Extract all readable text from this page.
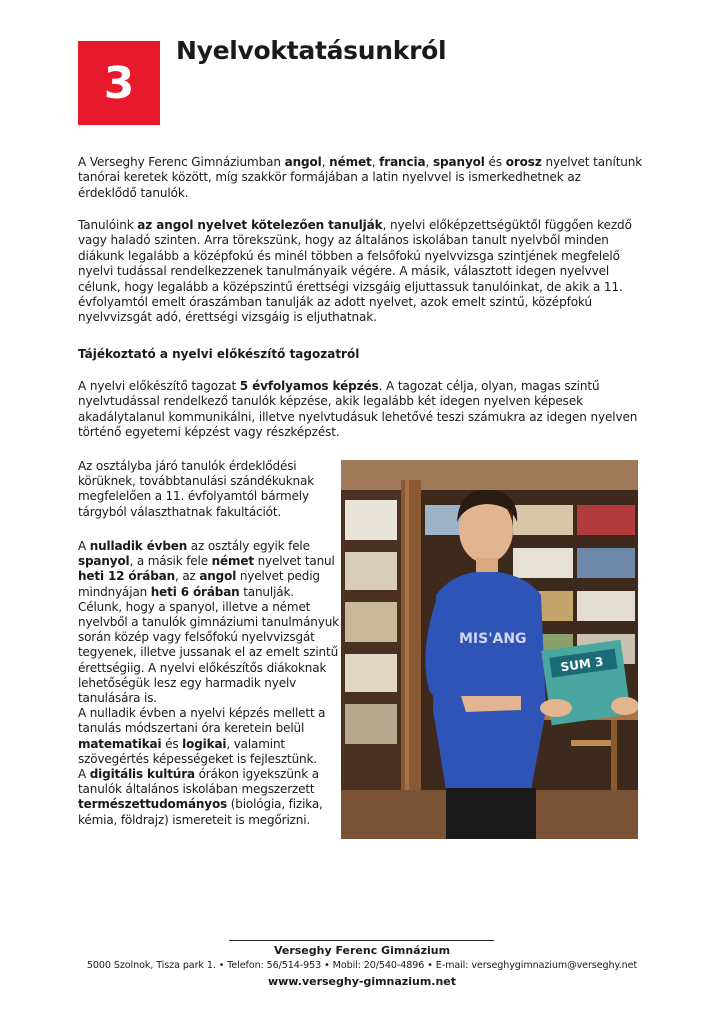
3
Nyelvoktatásunkról

A Verseghy Ferenc Gimnáziumban angol, német, francia, spanyol és orosz nyelvet tanítunk tanórai keretek között, míg szakkör formájában a latin nyelvvel is ismerkedhetnek az érdeklődő tanulók.

Tanulóink az angol nyelvet kötelezően tanulják, nyelvi előképzettségüktől függően kezdő vagy haladó szinten. Arra törekszünk, hogy az általános iskolában tanult nyelvből minden diákunk legalább a középfokú és minél többen a felsőfokú nyelvvizsga szintjének megfelelő nyelvi tudással rendelkezzenek tanulmányaik végére. A másik, választott idegen nyelvvel célunk, hogy legalább a középszintű érettségi vizsgáig eljuttassuk tanulóinkat, de akik a 11. évfolyamtól emelt óraszámban tanulják az adott nyelvet, azok emelt szintű, középfokú nyelvvizsgát adó, érettségi vizsgáig is eljuthatnak.

Tájékoztató a nyelvi előkészítő tagozatról

A nyelvi előkészítő tagozat 5 évfolyamos képzés. A tagozat célja, olyan, magas szintű nyelvtudással rendelkező tanulók képzése, akik legalább két idegen nyelven képesek akadálytalanul kommunikálni, illetve nyelvtudásuk lehetővé teszi számukra az idegen nyelven történő egyetemi képzést vagy részképzést.

Az osztályba járó tanulók érdeklődési körüknek, továbbtanulási szándékuknak megfelelően a 11. évfolyamtól bármely tárgyból választhatnak fakultációt.

A nulladik évben az osztály egyik fele spanyol, a másik fele német nyelvet tanul heti 12 órában, az angol nyelvet pedig mindnyájan heti 6 órában tanulják. Célunk, hogy a spanyol, illetve a német nyelvből a tanulók gimnáziumi tanulmányuk során közép vagy felsőfokú nyelvvizsgát tegyenek, illetve jussanak el az emelt szintű érettségiig. A nyelvi előkészítős diákoknak lehetőségük lesz egy harmadik nyelv tanulására is.
A nulladik évben a nyelvi képzés mellett a tanulás módszertani óra keretein belül matematikai és logikai, valamint szövegértés képességeket is fejlesztünk.
A digitális kultúra órákon igyekszünk a tanulók általános iskolában megszerzett természettudományos (biológia, fizika, kémia, földrajz) ismereteit is megőrizni.

MIS'ANG
SUM 3
Verseghy Ferenc Gimnázium
5000 Szolnok, Tisza park 1. • Telefon: 56/514-953 • Mobil: 20/540-4896 • E-mail: verseghygimnazium@verseghy.net
www.verseghy-gimnazium.net
